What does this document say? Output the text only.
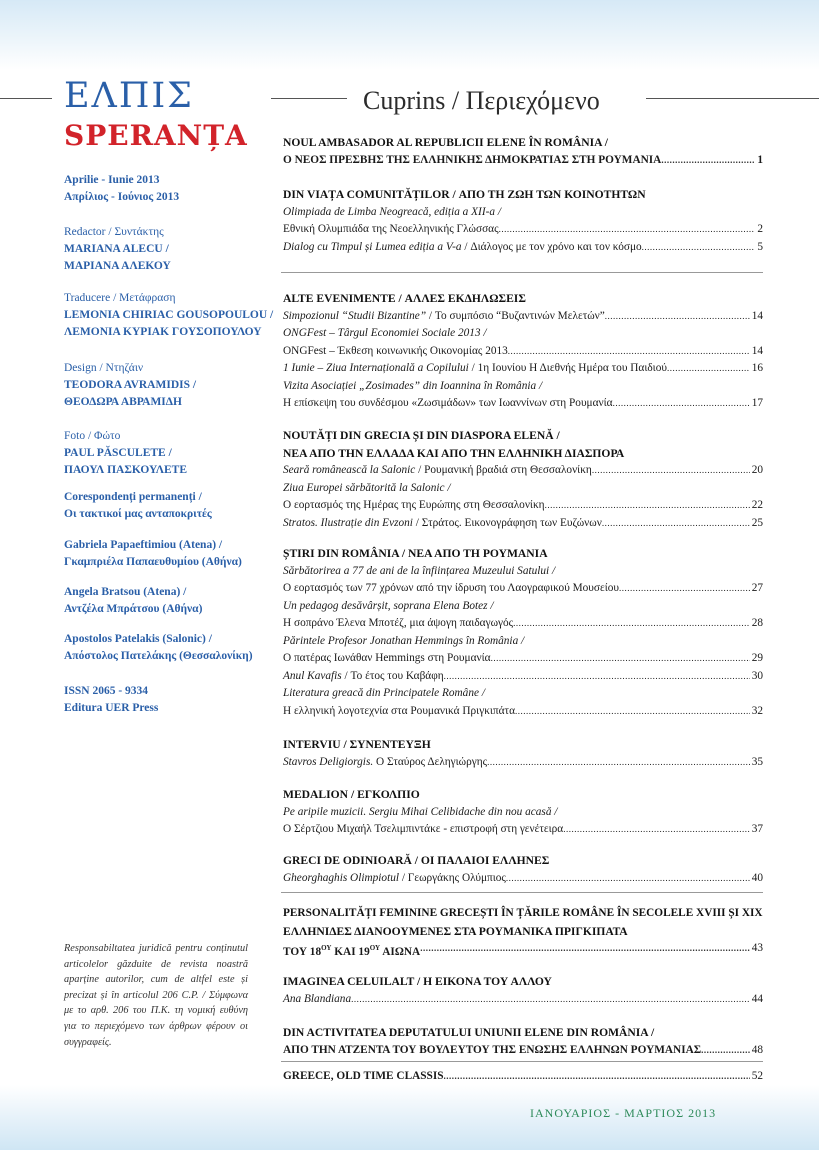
ΕΛΠΙΣ
SPERANȚA
Cuprins / Περιεχόμενο
Aprilie - Iunie 2013
Απρίλιος - Ιούνιος 2013
Redactor / Συντάκτης
MARIANA ALECU /
ΜΑΡΙΑΝΑ ΑΛΕΚΟΥ
Traducere / Μετάφραση
LEMONIA CHIRIAC GOUSOPOULOU /
ΛΕΜΟΝΙΑ ΚΥΡΙΑΚ ΓΟΥΣΟΠΟΥΛΟΥ
Design / Ντηζάιν
TEODORA AVRAMIDIS /
ΘΕΟΔΩΡΑ ΑΒΡΑΜΙΔΗ
Foto / Φώτο
PAUL PĂSCULETE /
ΠΑΟΥΛ ΠΑΣΚΟΥΛΕΤΕ
Corespondenți permanenți /
Οι τακτικοί μας ανταποκριτές
Gabriela Papaeftimiou (Atena) /
Γκαμπριέλα Παπαευθυμίου (Αθήνα)
Angela Bratsou (Atena) /
Αντζέλα Μπράτσου (Αθήνα)
Apostolos Patelakis (Salonic) /
Απόστολος Πατελάκης (Θεσσαλονίκη)
ISSN 2065 - 9334
Editura UER Press
Responsabiltatea juridică pentru conținutul articolelor găzduite de revista noastră aparține autorilor, cum de altfel este și precizat și în articolul 206 C.P. / Σύμφωνα με το αρθ. 206 του Π.Κ. τη νομική ευθύνη για το περιεχόμενο των άρθρων φέρουν οι συγγραφείς.
NOUL AMBASADOR AL REPUBLICII ELENE ÎN ROMÂNIA /
Ο ΝΕΟΣ ΠΡΕΣΒΗΣ ΤΗΣ ΕΛΛΗΝΙΚΗΣ ΔΗΜΟΚΡΑΤΙΑΣ ΣΤΗ ΡΟΥΜΑΝΙΑ .....	1
DIN VIAȚA COMUNITĂȚILOR / ΑΠΟ ΤΗ ΖΩΗ ΤΩΝ ΚΟΙΝΟΤΗΤΩΝ
Olimpiada de Limba Neogreacă, ediția a XII-a /
Εθνική Ολυμπιάδα της Νεοελληνικής Γλώσσας .....	2
Dialog cu Timpul și Lumea ediția a V-a / Διάλογος με τον χρόνο και τον κόσμο .....	5
ALTE EVENIMENTE / ΑΛΛΕΣ ΕΚΔΗΛΩΣΕΙΣ
Simpozionul “Studii Bizantine” / Το συμπόσιο “Βυζαντινών Μελετών” .....	14
ONGFest – Târgul Economiei Sociale 2013 /
ONGFest – Έκθεση κοινωνικής Οικονομίας 2013 .....	14
1 Iunie – Ziua Internațională a Copilului / 1η Ιουνίου Η Διεθνής Ημέρα του Παιδιού .....	16
Vizita Asociației „Zosimades” din Ioannina în România /
Η επίσκεψη του συνδέσμου «Ζωσιμάδων» των Ιωαννίνων στη Ρουμανία .....	17
NOUTĂȚI DIN GRECIA ȘI DIN DIASPORA ELENĂ /
ΝΕΑ ΑΠΟ ΤΗΝ ΕΛΛΑΔΑ ΚΑΙ ΑΠΟ ΤΗΝ ΕΛΛΗΝΙΚΗ ΔΙΑΣΠΟΡΑ
Seară românească la Salonic / Ρουμανική βραδιά στη Θεσσαλονίκη .....	20
Ziua Europei sărbătorită la Salonic /
Ο εορτασμός της Ημέρας της Ευρώπης στη Θεσσαλονίκη .....	22
Stratos. Ilustrație din Evzoni / Στράτος. Εικονογράφηση των Ευζώνων .....	25
ȘTIRI DIN ROMÂNIA / ΝΕΑ ΑΠΟ ΤΗ ΡΟΥΜΑΝΙΑ
Sărbătorirea a 77 de ani de la înființarea Muzeului Satului /
Ο εορτασμός των 77 χρόνων από την ίδρυση του Λαογραφικού Μουσείου .....	27
Un pedagog desăvârșit, soprana Elena Botez /
Η σοπράνο Έλενα Μποτέζ, μια άψογη παιδαγωγός .....	28
Părintele Profesor Jonathan Hemmings în România /
Ο πατέρας Ιωνάθαν Hemmings στη Ρουμανία .....	29
Anul Kavafis / Το έτος του Καβάφη .....	30
Literatura greacă din Principatele Române /
Η ελληνική λογοτεχνία στα Ρουμανικά Πριγκιπάτα .....	32
INTERVIU / ΣΥΝΕΝΤΕΥΞΗ
Stavros Deligiorgis. Ο Σταύρος Δεληγιώργης .....	35
MEDALION / ΕΓΚΟΛΠΙΟ
Pe aripile muzicii. Sergiu Mihai Celibidache din nou acasă /
Ο Σέρτζιου Μιχαήλ Τσελιμπιντάκε - επιστροφή στη γενέτειρα .....	37
GRECI DE ODINIOARĂ / ΟΙ ΠΑΛΑΙΟΙ ΕΛΛΗΝΕΣ
Gheorghaghis Olimpiotul / Γεωργάκης Ολύμπιος .....	40
PERSONALITĂȚI FEMININE GRECEȘTI ÎN ȚĂRILE ROMÂNE ÎN SECOLELE XVIII ȘI XIX
ΕΛΛΗΝΙΔΕΣ ΔΙΑΝΟΟΥΜΕΝΕΣ ΣΤΑ ΡΟΥΜΑΝΙΚΑ ΠΡΙΓΚΙΠΑΤΑ
ΤΟΥ $18^{O\Upsilon}$ ΚΑΙ $19^{O\Upsilon}$ ΑΙΩΝΑ .....	43
IMAGINEA CELUILALT / Η ΕΙΚΟΝΑ ΤΟΥ ΑΛΛΟΥ
Ana Blandiana .....	44
DIN ACTIVITATEA DEPUTATULUI UNIUNII ELENE DIN ROMÂNIA /
ΑΠΟ ΤΗΝ ΑΤΖΕΝΤΑ ΤΟΥ ΒΟΥΛΕΥΤΟΥ ΤΗΣ ΕΝΩΣΗΣ ΕΛΛΗΝΩΝ ΡΟΥΜΑΝΙΑΣ .....	48
GREECE, OLD TIME CLASSIS .....	52
ΙΑΝΟΥΑΡΙΟΣ - ΜΑΡΤΙΟΣ 2013
